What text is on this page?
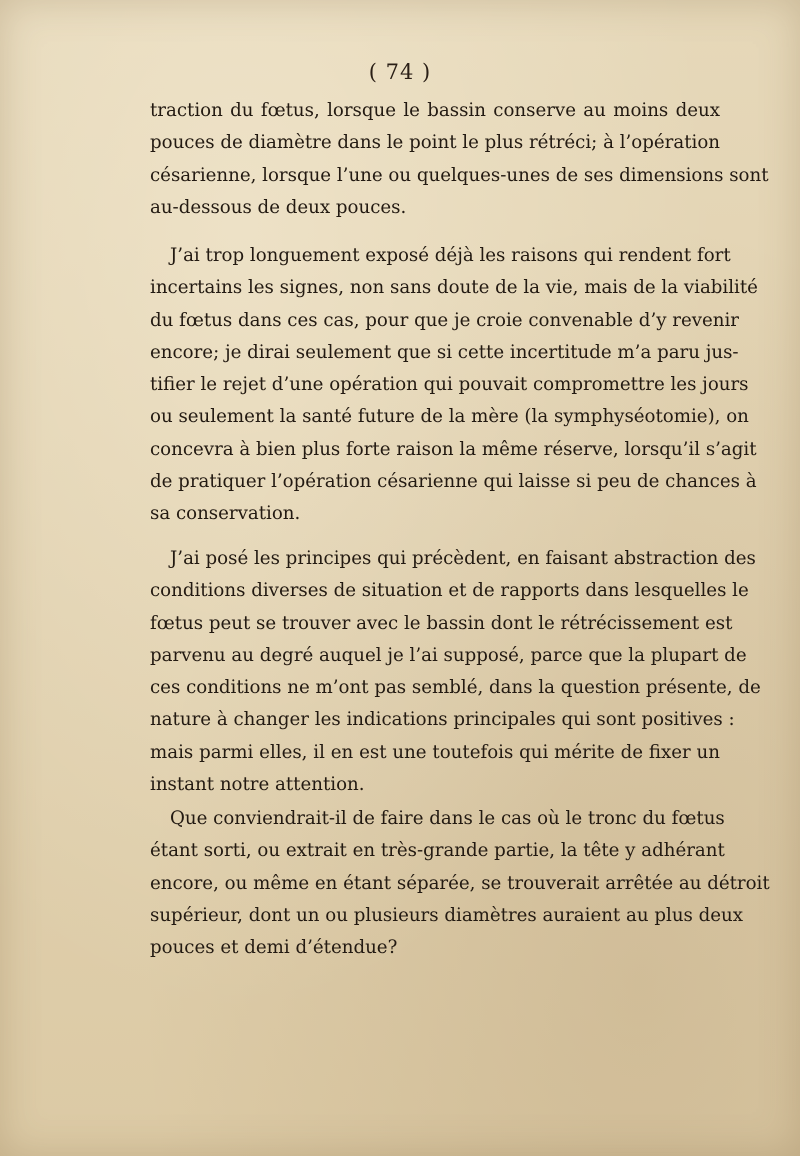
( 74 )
traction du fœtus, lorsque le bassin conserve au moins deux
pouces de diamètre dans le point le plus rétréci; à l’opération
césarienne, lorsque l’une ou quelques-unes de ses dimensions sont
au-dessous de deux pouces.
J’ai trop longuement exposé déjà les raisons qui rendent fort
incertains les signes, non sans doute de la vie, mais de la viabilité
du fœtus dans ces cas, pour que je croie convenable d’y revenir
encore; je dirai seulement que si cette incertitude m’a paru jus-
tifier le rejet d’une opération qui pouvait compromettre les jours
ou seulement la santé future de la mère (la symphyséotomie), on
concevra à bien plus forte raison la même réserve, lorsqu’il s’agit
de pratiquer l’opération césarienne qui laisse si peu de chances à
sa conservation.
J’ai posé les principes qui précèdent, en faisant abstraction des
conditions diverses de situation et de rapports dans lesquelles le
fœtus peut se trouver avec le bassin dont le rétrécissement est
parvenu au degré auquel je l’ai supposé, parce que la plupart de
ces conditions ne m’ont pas semblé, dans la question présente, de
nature à changer les indications principales qui sont positives :
mais parmi elles, il en est une toutefois qui mérite de fixer un
instant notre attention.
Que conviendrait-il de faire dans le cas où le tronc du fœtus
étant sorti, ou extrait en très-grande partie, la tête y adhérant
encore, ou même en étant séparée, se trouverait arrêtée au détroit
supérieur, dont un ou plusieurs diamètres auraient au plus deux
pouces et demi d’étendue?
